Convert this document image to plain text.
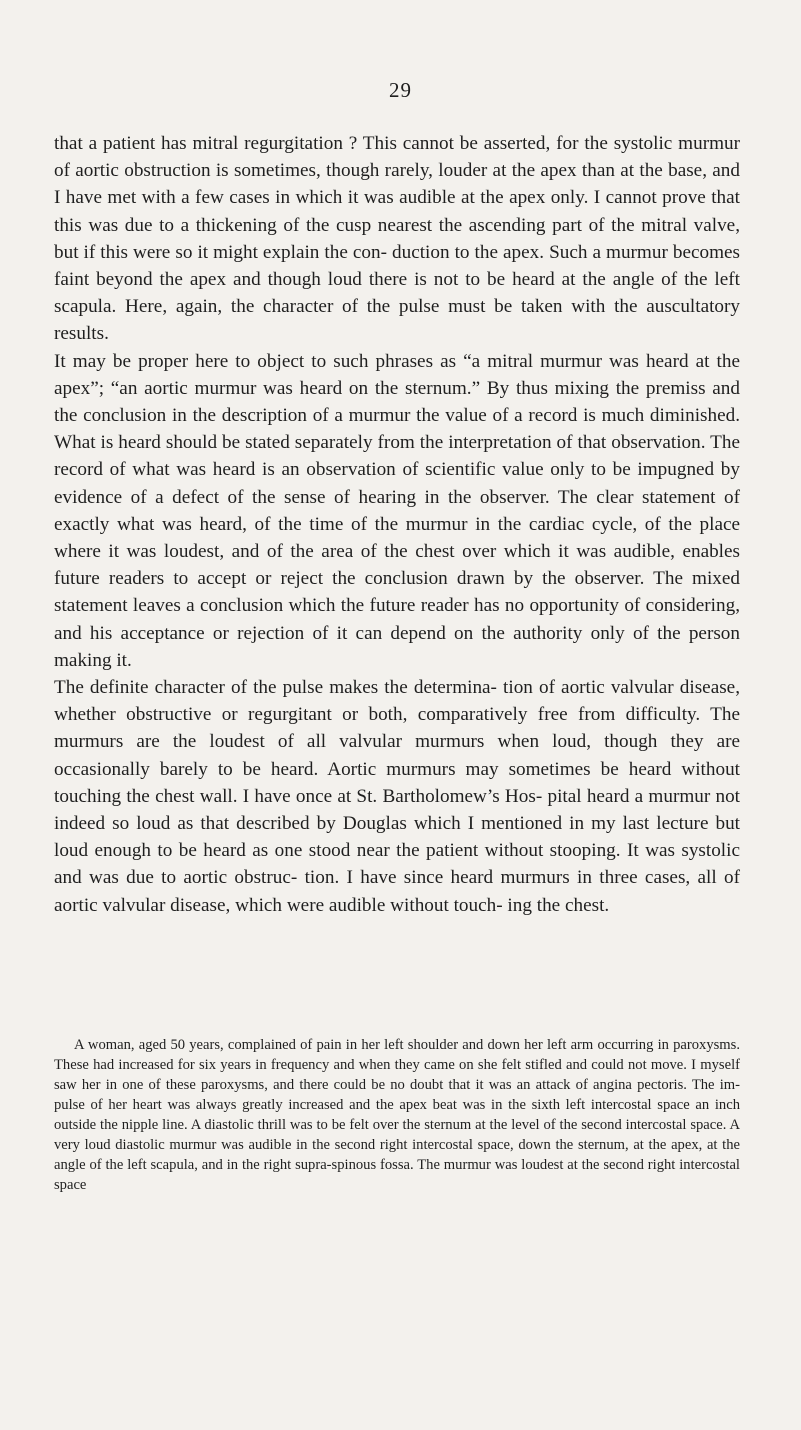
29

that a patient has mitral regurgitation ? This cannot be asserted, for the systolic murmur of aortic obstruction is sometimes, though rarely, louder at the apex than at the base, and I have met with a few cases in which it was audible at the apex only. I cannot prove that this was due to a thickening of the cusp nearest the ascending part of the mitral valve, but if this were so it might explain the con- duction to the apex. Such a murmur becomes faint beyond the apex and though loud there is not to be heard at the angle of the left scapula. Here, again, the character of the pulse must be taken with the auscultatory results.

It may be proper here to object to such phrases as “a mitral murmur was heard at the apex”; “an aortic murmur was heard on the sternum.” By thus mixing the premiss and the conclusion in the description of a murmur the value of a record is much diminished. What is heard should be stated separately from the interpretation of that observation. The record of what was heard is an observation of scientific value only to be impugned by evidence of a defect of the sense of hearing in the observer. The clear statement of exactly what was heard, of the time of the murmur in the cardiac cycle, of the place where it was loudest, and of the area of the chest over which it was audible, enables future readers to accept or reject the conclusion drawn by the observer. The mixed statement leaves a conclusion which the future reader has no opportunity of considering, and his acceptance or rejection of it can depend on the authority only of the person making it.

The definite character of the pulse makes the determina- tion of aortic valvular disease, whether obstructive or regurgitant or both, comparatively free from difficulty. The murmurs are the loudest of all valvular murmurs when loud, though they are occasionally barely to be heard. Aortic murmurs may sometimes be heard without touching the chest wall. I have once at St. Bartholomew’s Hos- pital heard a murmur not indeed so loud as that described by Douglas which I mentioned in my last lecture but loud enough to be heard as one stood near the patient without stooping. It was systolic and was due to aortic obstruc- tion. I have since heard murmurs in three cases, all of aortic valvular disease, which were audible without touch- ing the chest.

A woman, aged 50 years, complained of pain in her left shoulder and down her left arm occurring in paroxysms. These had increased for six years in frequency and when they came on she felt stifled and could not move. I myself saw her in one of these paroxysms, and there could be no doubt that it was an attack of angina pectoris. The im- pulse of her heart was always greatly increased and the apex beat was in the sixth left intercostal space an inch outside the nipple line. A diastolic thrill was to be felt over the sternum at the level of the second intercostal space. A very loud diastolic murmur was audible in the second right intercostal space, down the sternum, at the apex, at the angle of the left scapula, and in the right supra-spinous fossa. The murmur was loudest at the second right intercostal space
